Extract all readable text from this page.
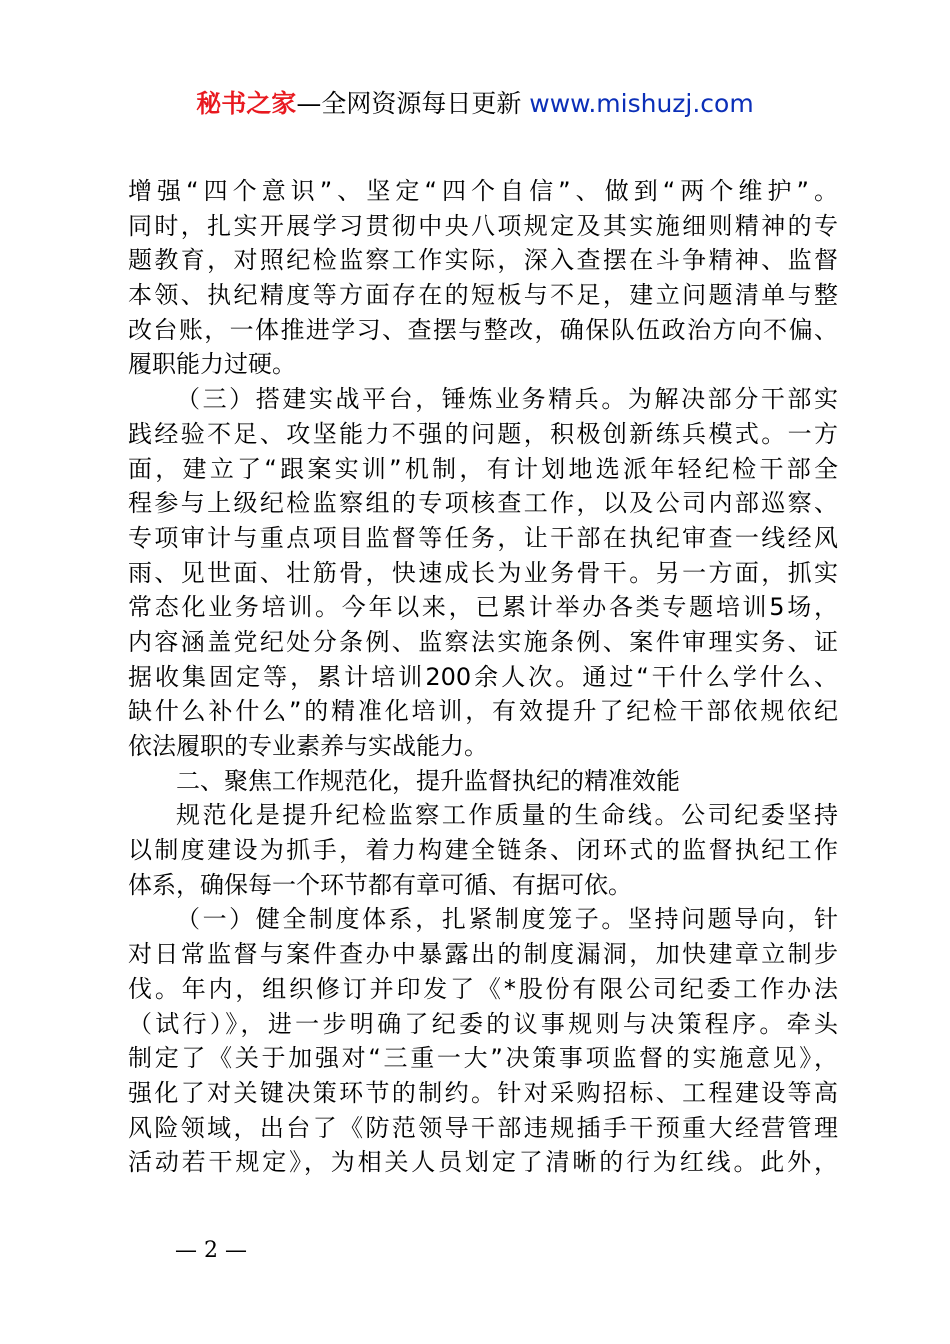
秘书之家—全网资源每日更新 www.mishuzj.com
增强“四个意识”、坚定“四个自信”、做到“两个维护”。
同时，扎实开展学习贯彻中央八项规定及其实施细则精神的专
题教育，对照纪检监察工作实际，深入查摆在斗争精神、监督
本领、执纪精度等方面存在的短板与不足，建立问题清单与整
改台账，一体推进学习、查摆与整改，确保队伍政治方向不偏、
履职能力过硬。
（三）搭建实战平台，锤炼业务精兵。为解决部分干部实
践经验不足、攻坚能力不强的问题，积极创新练兵模式。一方
面，建立了“跟案实训”机制，有计划地选派年轻纪检干部全
程参与上级纪检监察组的专项核查工作，以及公司内部巡察、
专项审计与重点项目监督等任务，让干部在执纪审查一线经风
雨、见世面、壮筋骨，快速成长为业务骨干。另一方面，抓实
常态化业务培训。今年以来，已累计举办各类专题培训5场，
内容涵盖党纪处分条例、监察法实施条例、案件审理实务、证
据收集固定等，累计培训200余人次。通过“干什么学什么、
缺什么补什么”的精准化培训，有效提升了纪检干部依规依纪
依法履职的专业素养与实战能力。
二、聚焦工作规范化，提升监督执纪的精准效能
规范化是提升纪检监察工作质量的生命线。公司纪委坚持
以制度建设为抓手，着力构建全链条、闭环式的监督执纪工作
体系，确保每一个环节都有章可循、有据可依。
（一）健全制度体系，扎紧制度笼子。坚持问题导向，针
对日常监督与案件查办中暴露出的制度漏洞，加快建章立制步
伐。年内，组织修订并印发了《*股份有限公司纪委工作办法
（试行）》，进一步明确了纪委的议事规则与决策程序。牵头
制定了《关于加强对“三重一大”决策事项监督的实施意见》，
强化了对关键决策环节的制约。针对采购招标、工程建设等高
风险领域，出台了《防范领导干部违规插手干预重大经营管理
活动若干规定》，为相关人员划定了清晰的行为红线。此外，
— 2 —
